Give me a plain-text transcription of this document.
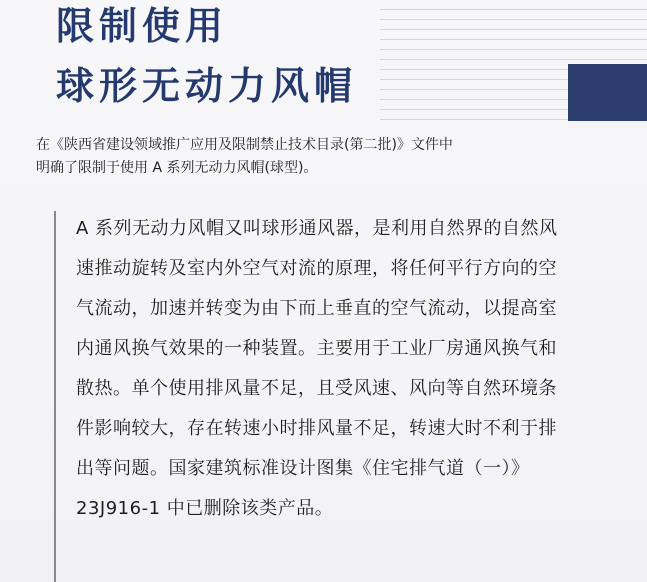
限制使用
球形无动力风帽
在《陕西省建设领域推广应用及限制禁止技术目录(第二批)》文件中
明确了限制于使用 A 系列无动力风帽(球型)。
A 系列无动力风帽又叫球形通风器，是利用自然界的自然风
速推动旋转及室内外空气对流的原理，将任何平行方向的空
气流动，加速并转变为由下而上垂直的空气流动，以提高室
内通风换气效果的一种装置。主要用于工业厂房通风换气和
散热。单个使用排风量不足，且受风速、风向等自然环境条
件影响较大，存在转速小时排风量不足，转速大时不利于排
出等问题。国家建筑标准设计图集《住宅排气道（一）》
23J916-1 中已删除该类产品。
